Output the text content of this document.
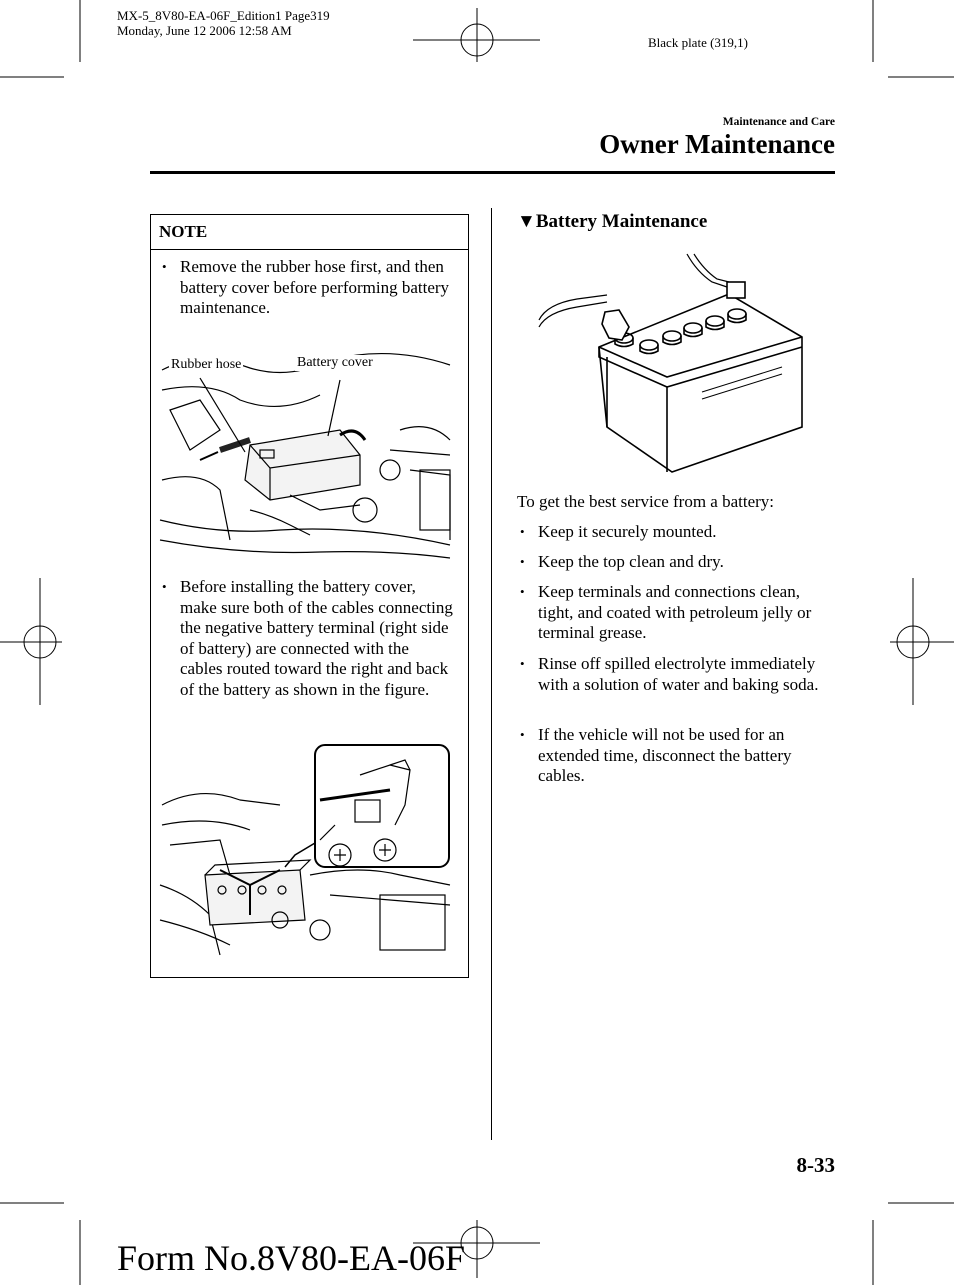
MX-5_8V80-EA-06F_Edition1 Page319
Monday, June 12 2006 12:58 AM
Black plate (319,1)
Maintenance and Care
Owner Maintenance
NOTE
• Remove the rubber hose first, and then battery cover before performing battery maintenance.
Rubber hose	Battery cover
• Before installing the battery cover, make sure both of the cables connecting the negative battery terminal (right side of battery) are connected with the cables routed toward the right and back of the battery as shown in the figure.
▼Battery Maintenance
To get the best service from a battery:
• Keep it securely mounted.
• Keep the top clean and dry.
• Keep terminals and connections clean, tight, and coated with petroleum jelly or terminal grease.
• Rinse off spilled electrolyte immediately with a solution of water and baking soda.
• If the vehicle will not be used for an extended time, disconnect the battery cables.
8-33
Form No.8V80-EA-06F
